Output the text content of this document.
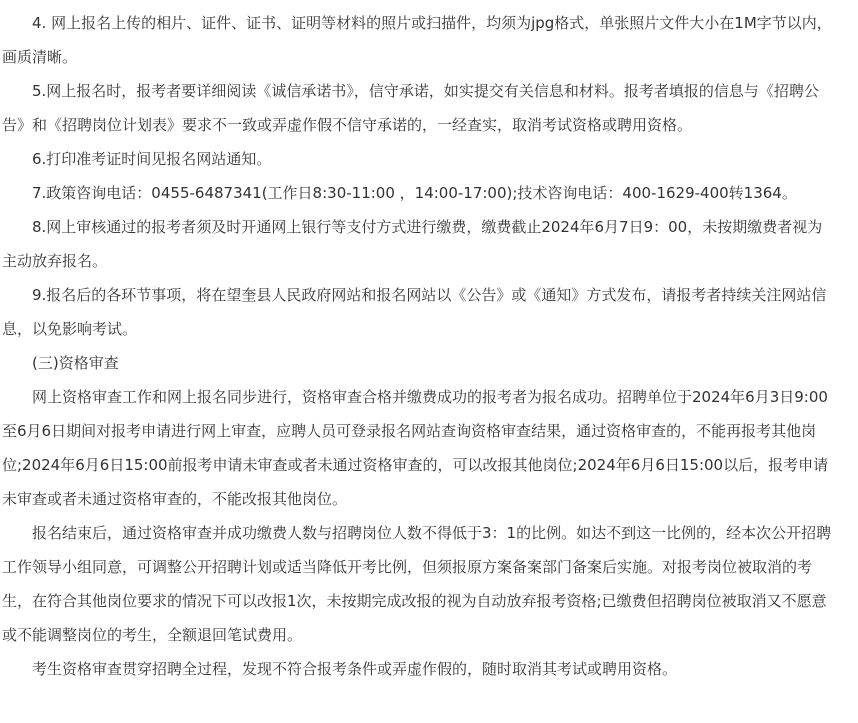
4. 网上报名上传的相片、证件、证书、证明等材料的照片或扫描件，均须为jpg格式，单张照片文件大小在1M字节以内，画质清晰。

5.网上报名时，报考者要详细阅读《诚信承诺书》，信守承诺，如实提交有关信息和材料。报考者填报的信息与《招聘公告》和《招聘岗位计划表》要求不一致或弄虚作假不信守承诺的，一经查实，取消考试资格或聘用资格。

6.打印准考证时间见报名网站通知。

7.政策咨询电话：0455-6487341(工作日8:30-11:00 ，14:00-17:00);技术咨询电话：400-1629-400转1364。

8.网上审核通过的报考者须及时开通网上银行等支付方式进行缴费，缴费截止2024年6月7日9：00，未按期缴费者视为主动放弃报名。

9.报名后的各环节事项，将在望奎县人民政府网站和报名网站以《公告》或《通知》方式发布，请报考者持续关注网站信息，以免影响考试。

(三)资格审查

网上资格审查工作和网上报名同步进行，资格审查合格并缴费成功的报考者为报名成功。招聘单位于2024年6月3日9:00至6月6日期间对报考申请进行网上审查，应聘人员可登录报名网站查询资格审查结果，通过资格审查的，不能再报考其他岗位;2024年6月6日15:00前报考申请未审查或者未通过资格审查的，可以改报其他岗位;2024年6月6日15:00以后，报考申请未审查或者未通过资格审查的，不能改报其他岗位。

报名结束后，通过资格审查并成功缴费人数与招聘岗位人数不得低于3：1的比例。如达不到这一比例的，经本次公开招聘工作领导小组同意，可调整公开招聘计划或适当降低开考比例，但须报原方案备案部门备案后实施。对报考岗位被取消的考生，在符合其他岗位要求的情况下可以改报1次，未按期完成改报的视为自动放弃报考资格;已缴费但招聘岗位被取消又不愿意或不能调整岗位的考生，全额退回笔试费用。

考生资格审查贯穿招聘全过程，发现不符合报考条件或弄虚作假的，随时取消其考试或聘用资格。
